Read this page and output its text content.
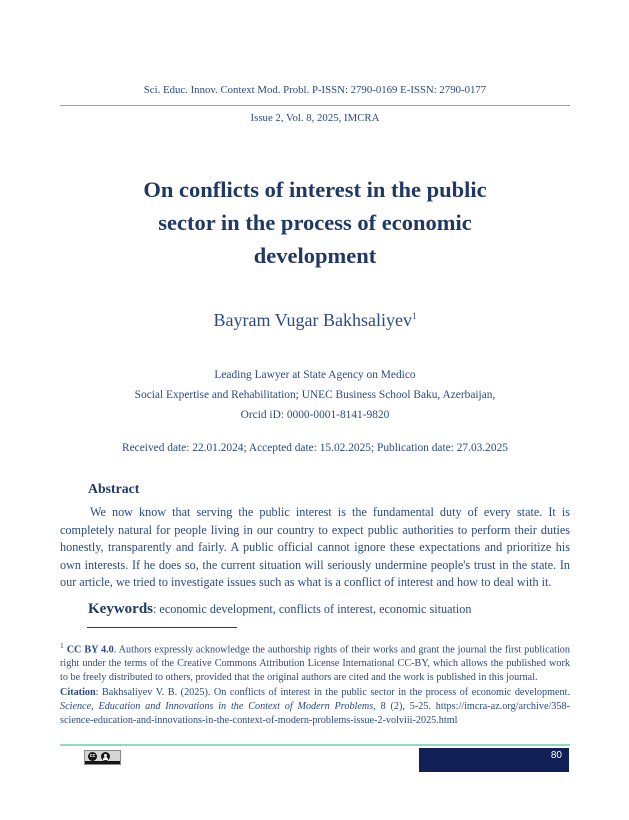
Sci. Educ. Innov. Context Mod. Probl. P-ISSN: 2790-0169 E-ISSN: 2790-0177
Issue 2, Vol. 8, 2025, IMCRA
On conflicts of interest in the public
sector in the process of economic
development
Bayram Vugar Bakhsaliyev$^1$
Leading Lawyer at State Agency on Medico
Social Expertise and Rehabilitation; UNEC Business School Baku, Azerbaijan,
Orcid iD: 0000-0001-8141-9820
Received date: 22.01.2024; Accepted date: 15.02.2025; Publication date: 27.03.2025
Abstract

We now know that serving the public interest is the fundamental duty of every state. It is completely natural for people living in our country to expect public authorities to perform their duties honestly, transparently and fairly. A public official cannot ignore these expectations and prioritize his own interests. If he does so, the current situation will seriously undermine people's trust in the state. In our article, we tried to investigate issues such as what is a conflict of interest and how to deal with it.

Keywords: economic development, conflicts of interest, economic situation

$^1$ CC BY 4.0. Authors expressly acknowledge the authorship rights of their works and grant the journal the first publication right under the terms of the Creative Commons Attribution License International CC-BY, which allows the published work to be freely distributed to others, provided that the original authors are cited and the work is published in this journal.

Citation: Bakhsaliyev V. B. (2025). On conflicts of interest in the public sector in the process of economic development. Science, Education and Innovations in the Context of Modern Problems, 8 (2), 5-25. https://imcra-az.org/archive/358-science-education-and-innovations-in-the-context-of-modern-problems-issue-2-volviii-2025.html

cc	80
